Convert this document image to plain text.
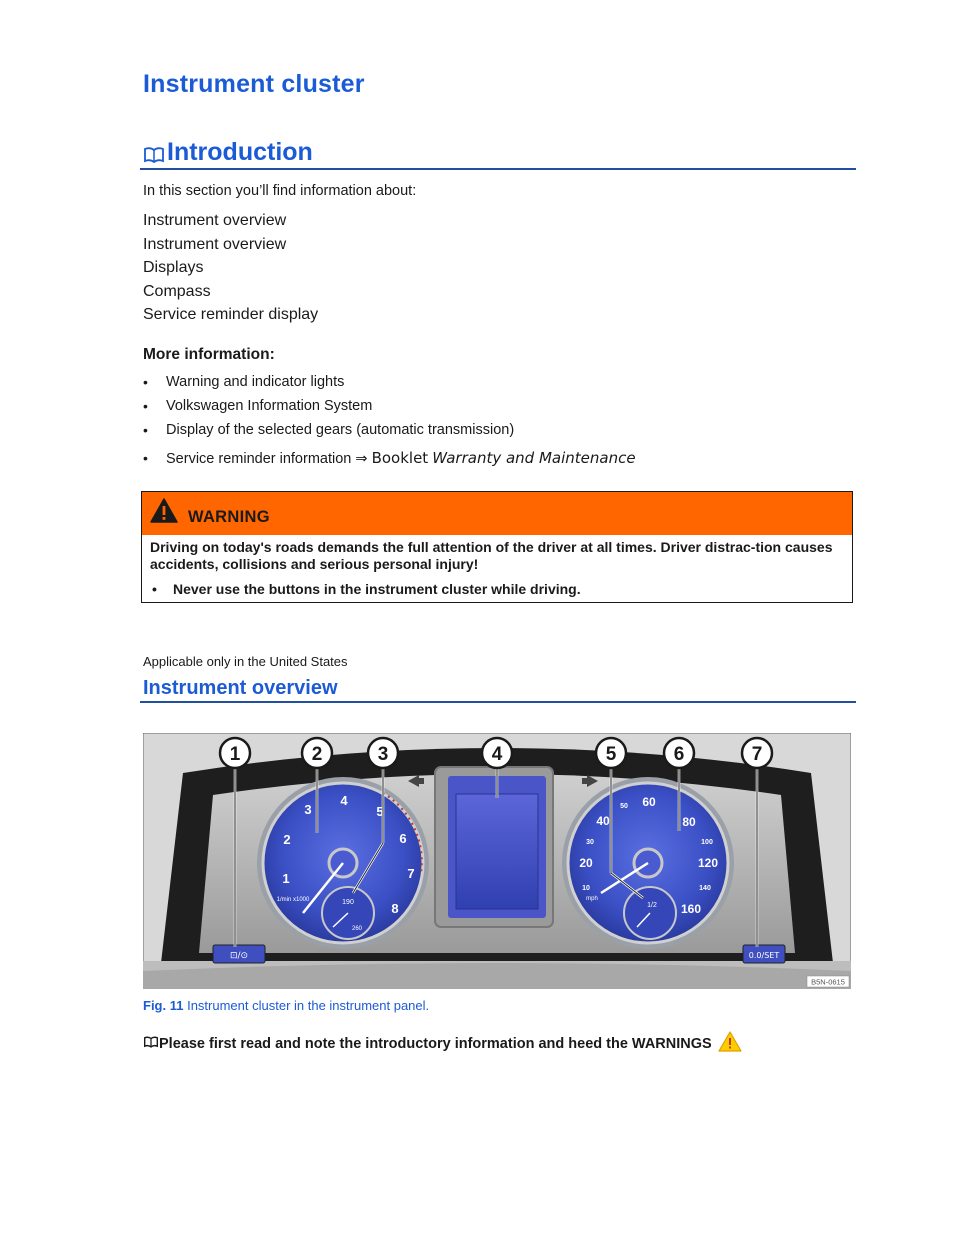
Instrument cluster
Introduction
In this section you’ll find information about:
Instrument overview
Instrument overview
Displays
Compass
Service reminder display
More information:
• Warning and indicator lights
• Volkswagen Information System
• Display of the selected gears (automatic transmission)
• Service reminder information ⇒ Booklet Warranty and Maintenance
WARNING
Driving on today's roads demands the full attention of the driver at all times. Driver distrac-tion causes accidents, collisions and serious personal injury!
• Never use the buttons in the instrument cluster while driving.
Applicable only in the United States
Instrument overview
1
2
3
4
5
6
7
8
1/min x1000	190
260
20
40
60
80
100
120
140
160
10
30
50
mph
1/2
⊡/⊙	0.0/SET
1	2	3	4	5	6	7
B5N-0615
Fig. 11 Instrument cluster in the instrument panel.
Please first read and note the introductory information and heed the WARNINGS
